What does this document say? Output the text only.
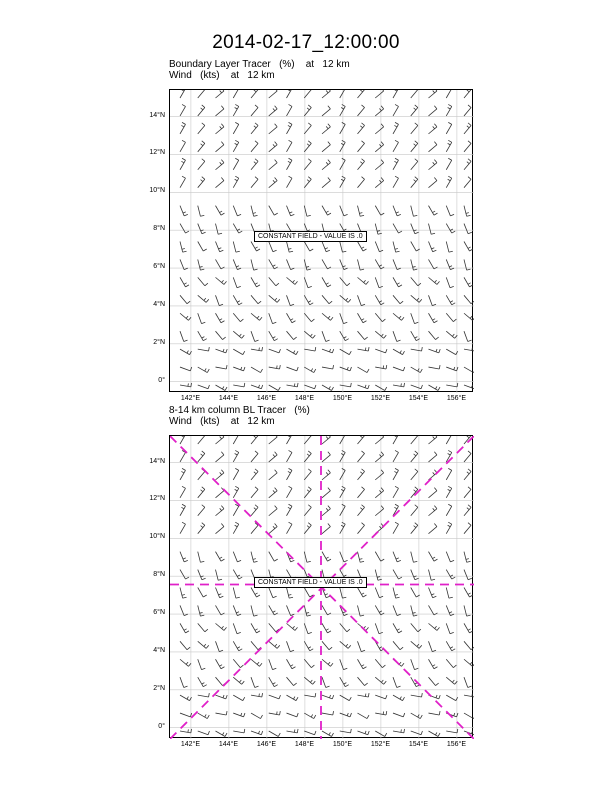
2014-02-17_12:00:00
Boundary Layer Tracer (%) at   12 km
Wind (kts) at   12 km
CONSTANT FIELD - VALUE IS .0
8-14 km column BL Tracer (%)
Wind (kts) at   12 km
CONSTANT FIELD - VALUE IS .0
0°
2°N
4°N
6°N
8°N
10°N
12°N
14°N
142°E	144°E	146°E	148°E	150°E	152°E	154°E	156°E
0°
2°N
4°N
6°N
8°N
10°N
12°N
14°N
142°E	144°E	146°E	148°E	150°E	152°E	154°E	156°E
